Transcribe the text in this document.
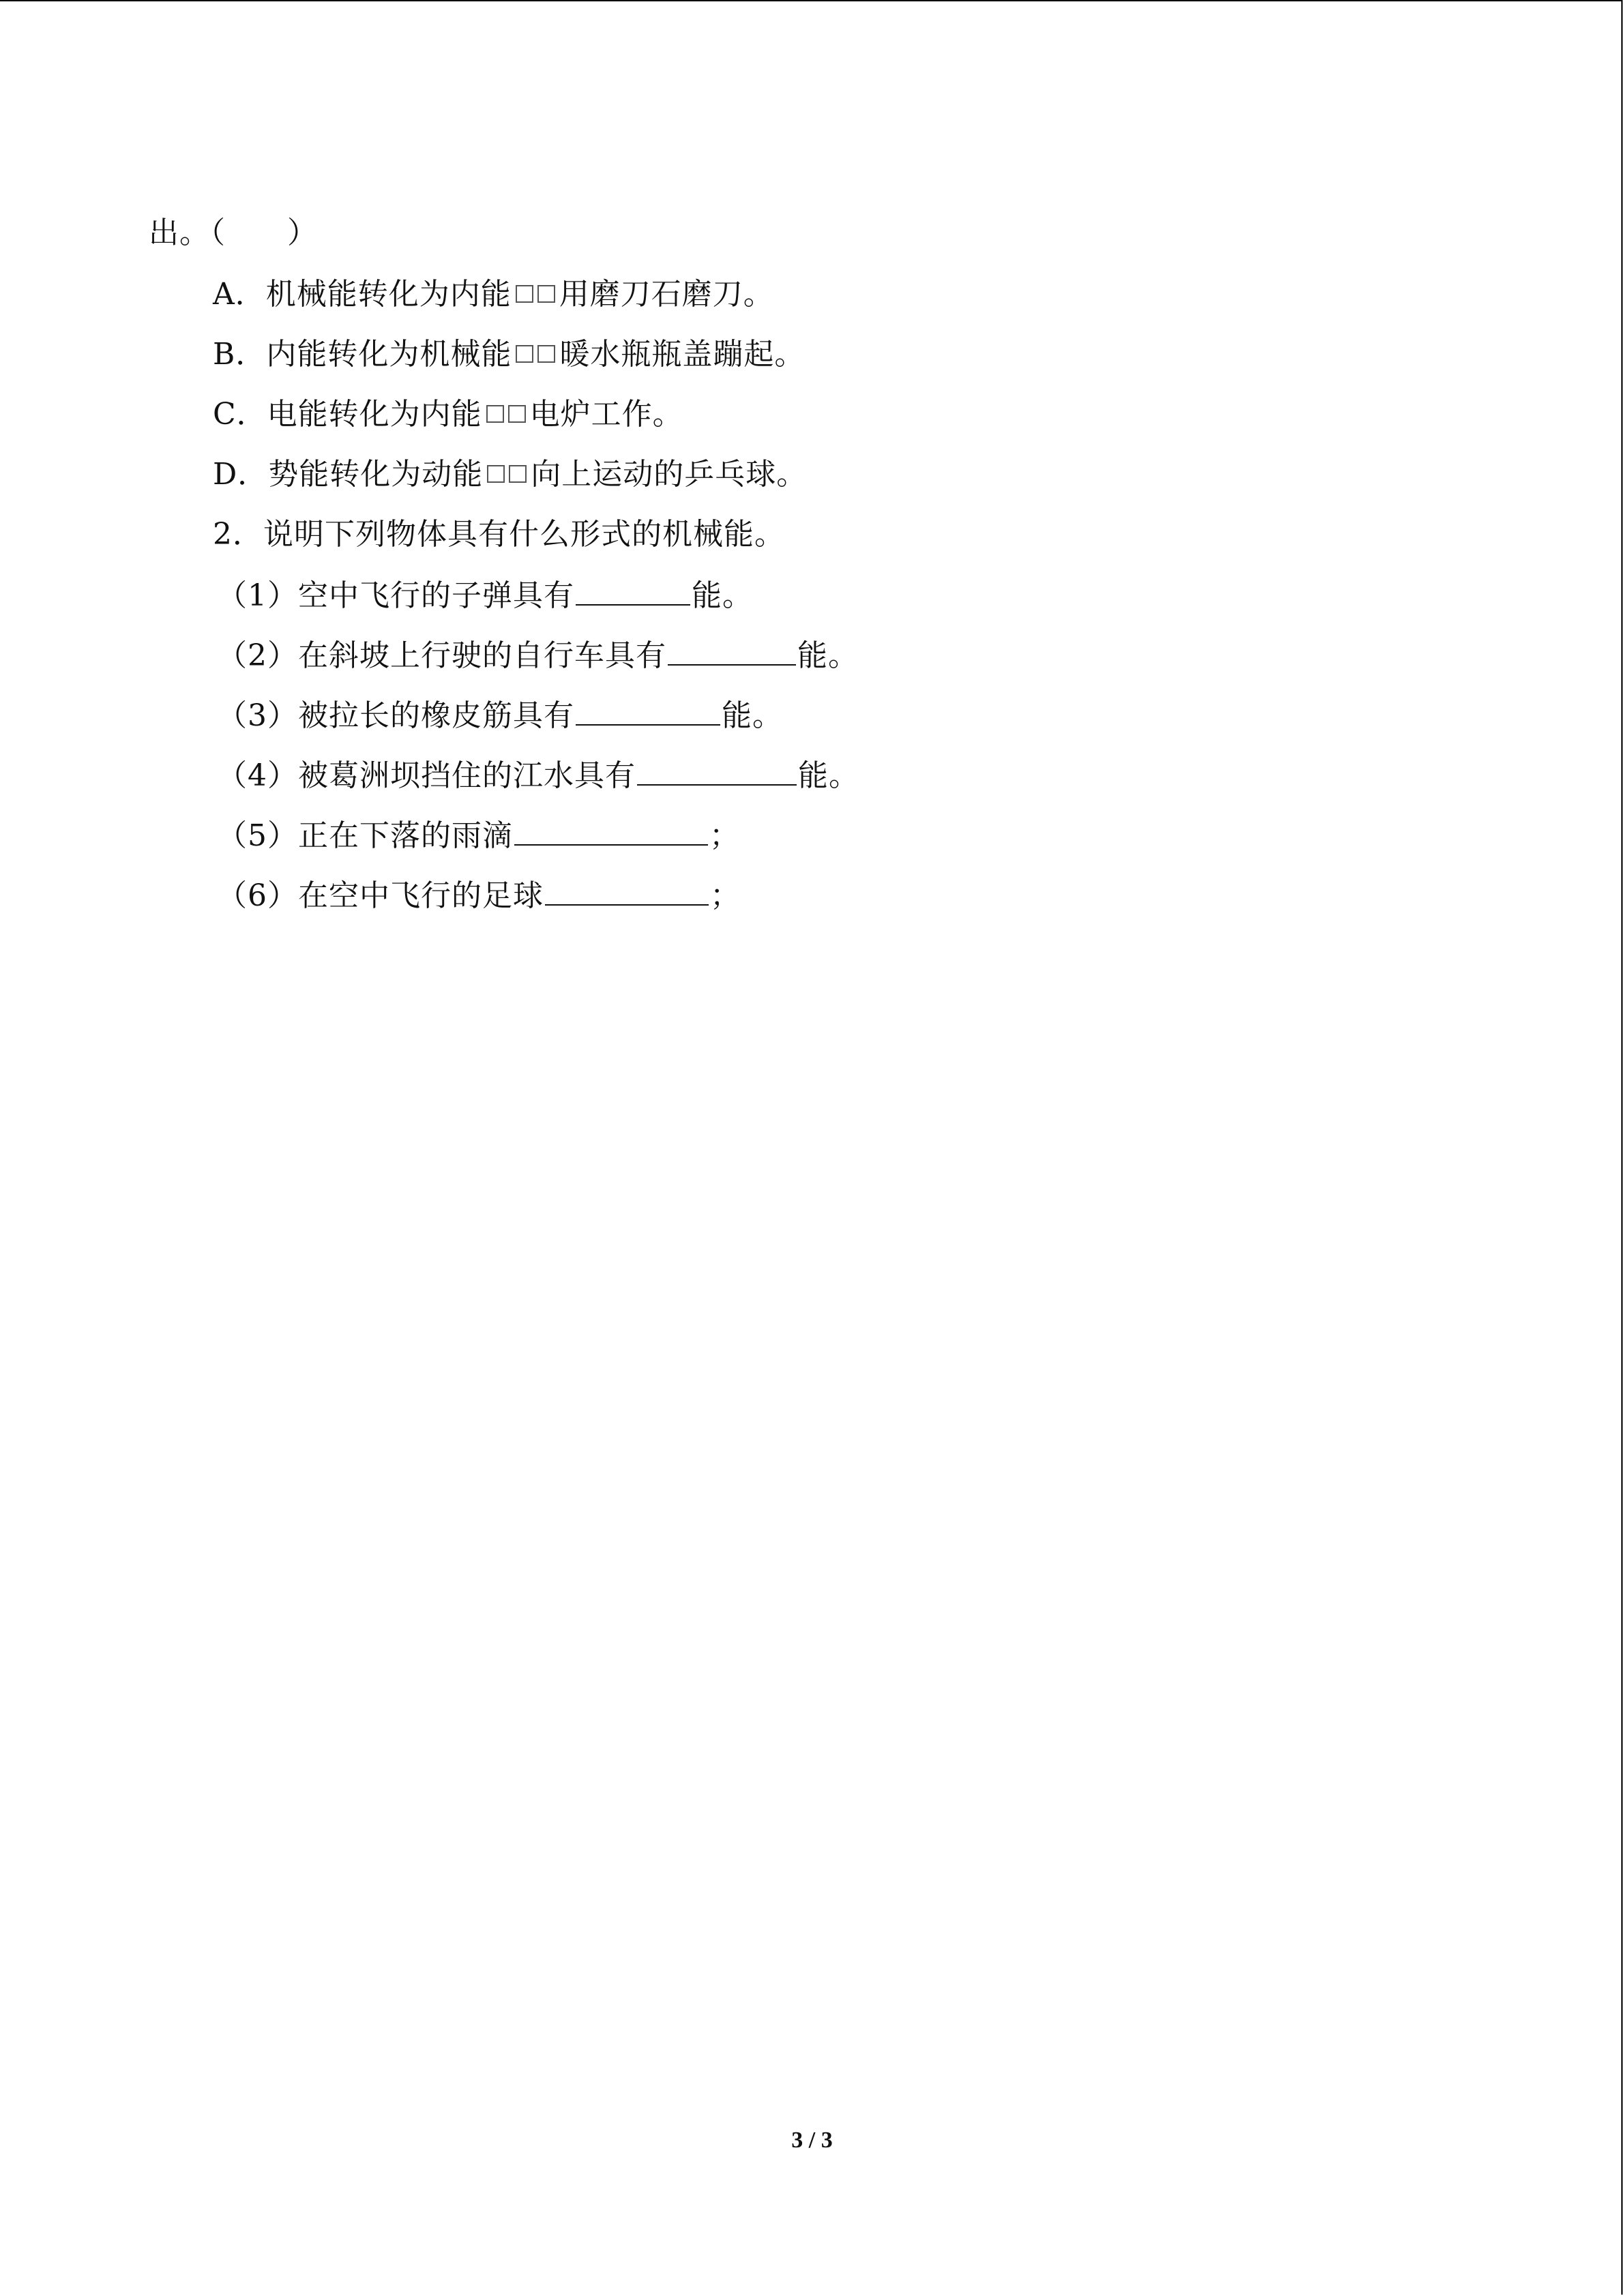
出。（　　）
A．机械能转化为内能 用磨刀石磨刀。
B．内能转化为机械能 暖水瓶瓶盖蹦起。
C．电能转化为内能 电炉工作。
D．势能转化为动能 向上运动的乒乓球。
2．说明下列物体具有什么形式的机械能。
（1）空中飞行的子弹具有	能。
（2）在斜坡上行驶的自行车具有	能。
（3）被拉长的橡皮筋具有	能。
（4）被葛洲坝挡住的江水具有	能。
（5）正在下落的雨滴	；
（6）在空中飞行的足球	；
3 / 3
